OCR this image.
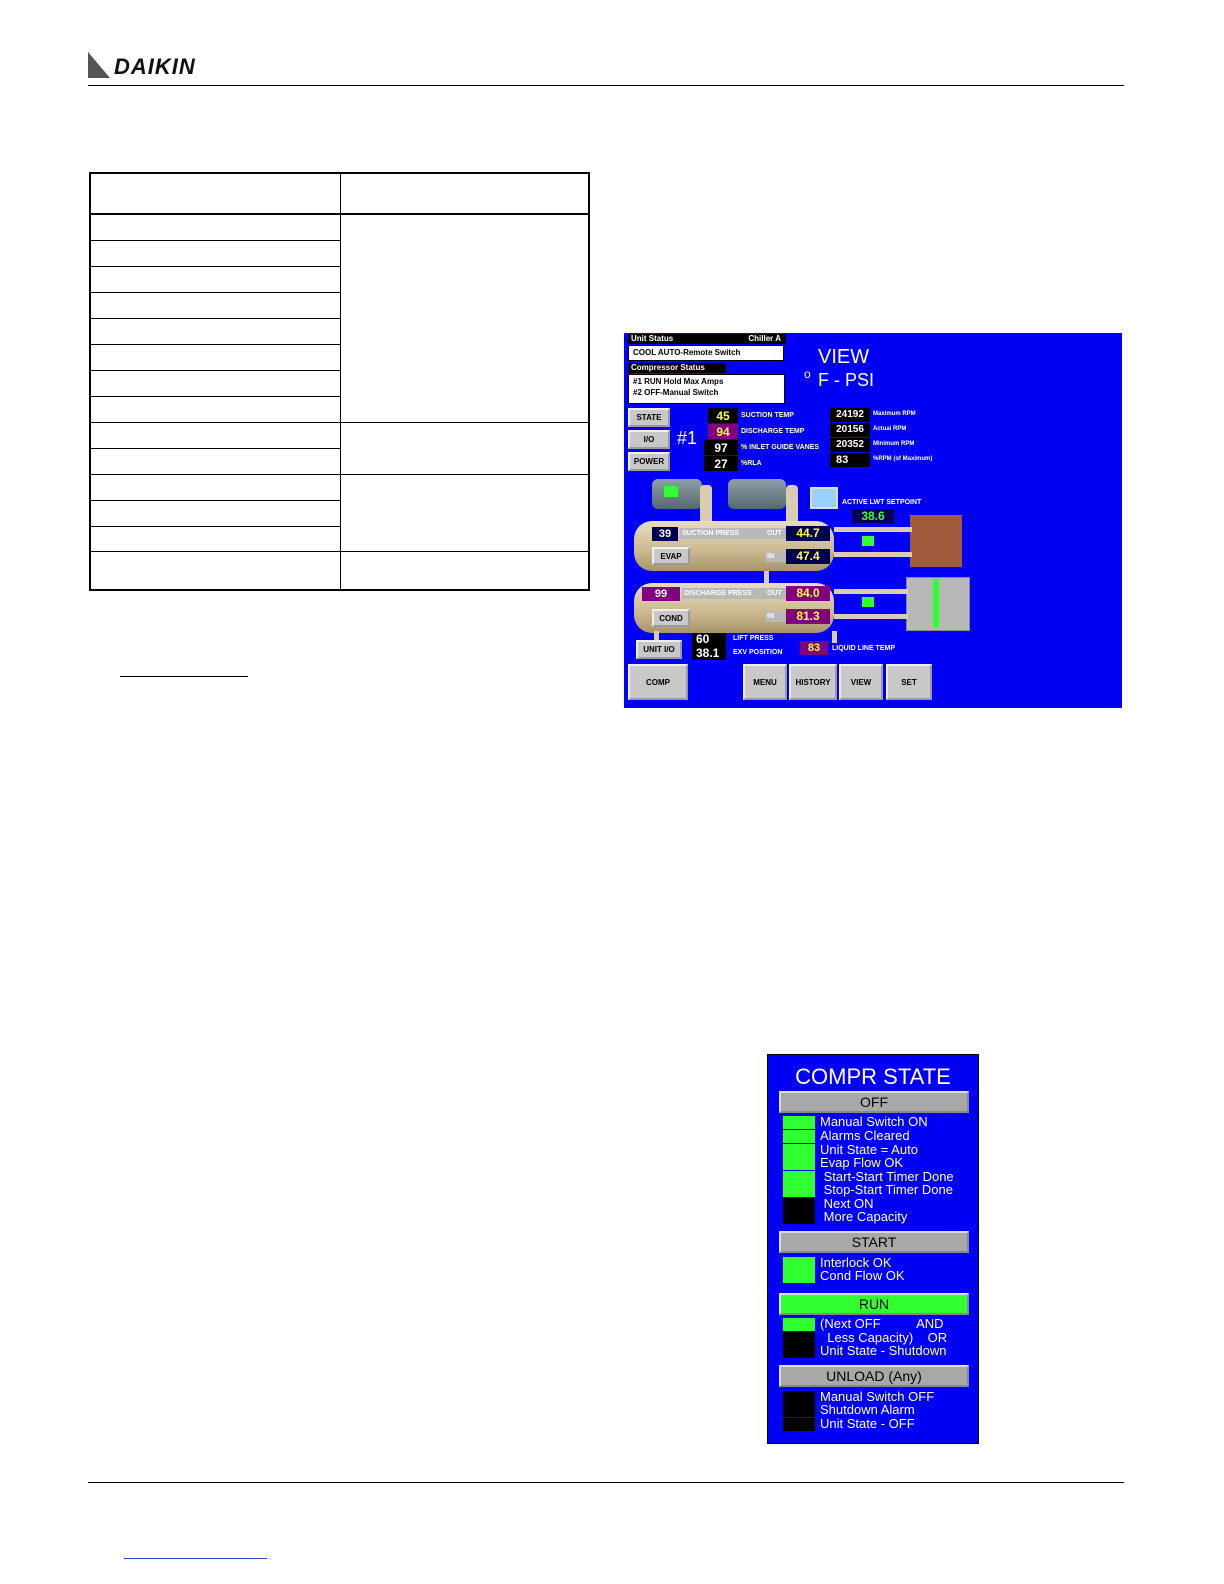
DAIKIN
Unit Status	Chiller A
COOL AUTO-Remote Switch
Compressor Status
#1 RUN Hold Max Amps
#2 OFF-Manual Switch
VIEW
o F - PSI
STATE
I/O
POWER
#1
45	SUCTION TEMP
94	DISCHARGE TEMP
97	% INLET GUIDE VANES
27	%RLA
24192	Maximum RPM
20156	Actual RPM
20352	Minimum RPM
83	%RPM (of Maximum)
ACTIVE LWT SETPOINT
38.6
39	SUCTION PRESS	OUT	44.7
IN	47.4
EVAP
99	DISCHARGE PRESS	OUT	84.0
IN	81.3
COND
UNIT I/O
60	LIFT PRESS
38.1	EXV POSITION	83	LIQUID LINE TEMP
COMP	MENU	HISTORY	VIEW	SET
COMPR STATE
OFF
Manual Switch ON
Alarms Cleared
Unit State = Auto
Evap Flow OK
Start-Start Timer Done
Stop-Start Timer Done
Next ON
More Capacity
START
Interlock OK
Cond Flow OK
RUN
(Next OFF          AND
Less Capacity)    OR
Unit State - Shutdown
UNLOAD (Any)
Manual Switch OFF
Shutdown Alarm
Unit State - OFF
